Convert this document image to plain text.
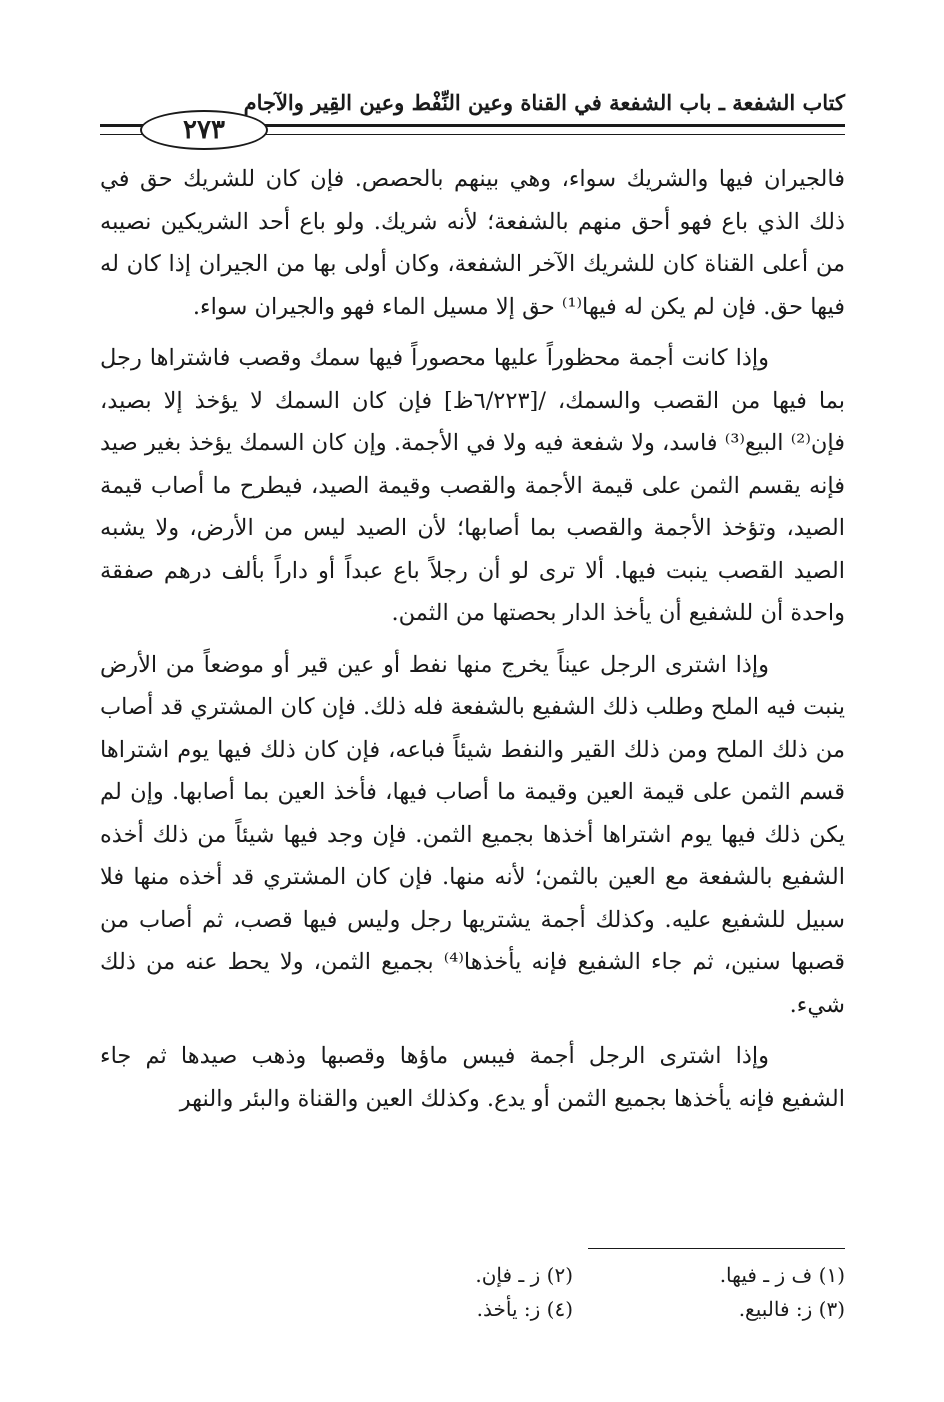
٢٧٣
كتاب الشفعة ـ باب الشفعة في القناة وعين النِّفْط وعين القِير والآجام

فالجيران فيها والشريك سواء، وهي بينهم بالحصص. فإن كان للشريك حق في ذلك الذي باع فهو أحق منهم بالشفعة؛ لأنه شريك. ولو باع أحد الشريكين نصيبه من أعلى القناة كان للشريك الآخر الشفعة، وكان أولى بها من الجيران إذا كان له فيها حق. فإن لم يكن له فيها⁽¹⁾ حق إلا مسيل الماء فهو والجيران سواء.

وإذا كانت أجمة محظوراً عليها محصوراً فيها سمك وقصب فاشتراها رجل بما فيها من القصب والسمك، /[٦/٢٢٣ظ] فإن كان السمك لا يؤخذ إلا بصيد، فإن⁽²⁾ البيع⁽³⁾ فاسد، ولا شفعة فيه ولا في الأجمة. وإن كان السمك يؤخذ بغير صيد فإنه يقسم الثمن على قيمة الأجمة والقصب وقيمة الصيد، فيطرح ما أصاب قيمة الصيد، وتؤخذ الأجمة والقصب بما أصابها؛ لأن الصيد ليس من الأرض، ولا يشبه الصيد القصب ينبت فيها. ألا ترى لو أن رجلاً باع عبداً أو داراً بألف درهم صفقة واحدة أن للشفيع أن يأخذ الدار بحصتها من الثمن.

وإذا اشترى الرجل عيناً يخرج منها نفط أو عين قير أو موضعاً من الأرض ينبت فيه الملح وطلب ذلك الشفيع بالشفعة فله ذلك. فإن كان المشتري قد أصاب من ذلك الملح ومن ذلك القير والنفط شيئاً فباعه، فإن كان ذلك فيها يوم اشتراها قسم الثمن على قيمة العين وقيمة ما أصاب فيها، فأخذ العين بما أصابها. وإن لم يكن ذلك فيها يوم اشتراها أخذها بجميع الثمن. فإن وجد فيها شيئاً من ذلك أخذه الشفيع بالشفعة مع العين بالثمن؛ لأنه منها. فإن كان المشتري قد أخذه منها فلا سبيل للشفيع عليه. وكذلك أجمة يشتريها رجل وليس فيها قصب، ثم أصاب من قصبها سنين، ثم جاء الشفيع فإنه يأخذها⁽⁴⁾ بجميع الثمن، ولا يحط عنه من ذلك شيء.

وإذا اشترى الرجل أجمة فيبس ماؤها وقصبها وذهب صيدها ثم جاء الشفيع فإنه يأخذها بجميع الثمن أو يدع. وكذلك العين والقناة والبئر والنهر

(١) ف ز ـ فيها.
(٢) ز ـ فإن.
(٣) ز: فالبيع.
(٤) ز: يأخذ.
